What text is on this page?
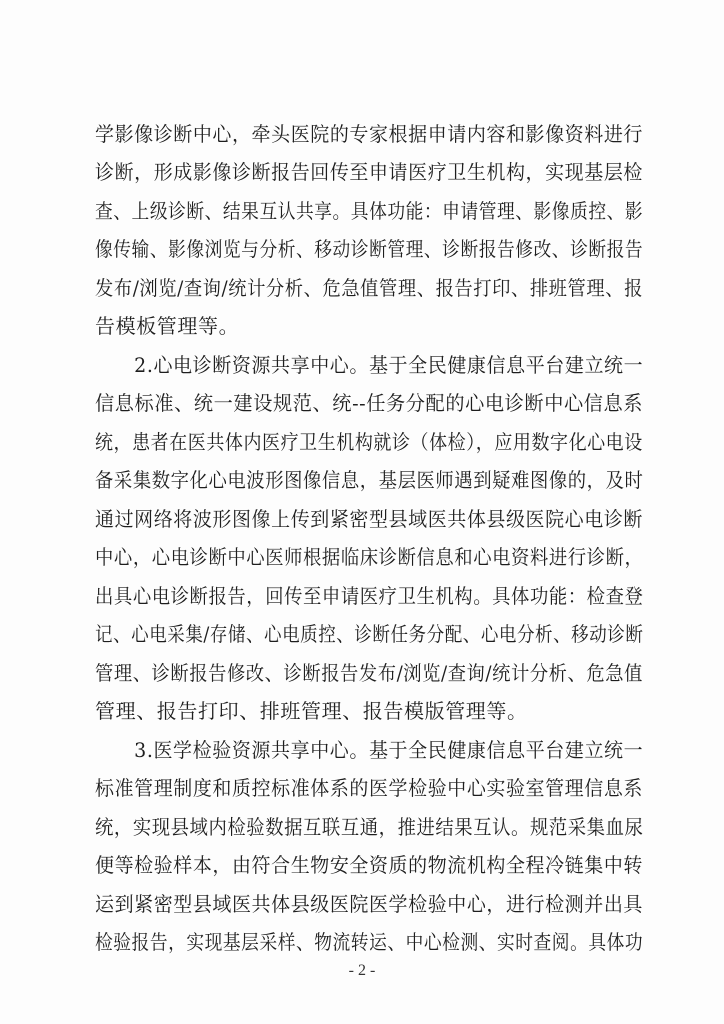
学影像诊断中心，牵头医院的专家根据申请内容和影像资料进行
诊断，形成影像诊断报告回传至申请医疗卫生机构，实现基层检
查、上级诊断、结果互认共享。具体功能：申请管理、影像质控、影
像传输、影像浏览与分析、移动诊断管理、诊断报告修改、诊断报告
发布/浏览/查询/统计分析、危急值管理、报告打印、排班管理、报
告模板管理等。
　　2.心电诊断资源共享中心。基于全民健康信息平台建立统一
信息标准、统一建设规范、统--任务分配的心电诊断中心信息系
统，患者在医共体内医疗卫生机构就诊（体检），应用数字化心电设
备采集数字化心电波形图像信息，基层医师遇到疑难图像的，及时
通过网络将波形图像上传到紧密型县域医共体县级医院心电诊断
中心，心电诊断中心医师根据临床诊断信息和心电资料进行诊断，
出具心电诊断报告，回传至申请医疗卫生机构。具体功能：检查登
记、心电采集/存储、心电质控、诊断任务分配、心电分析、移动诊断
管理、诊断报告修改、诊断报告发布/浏览/查询/统计分析、危急值
管理、报告打印、排班管理、报告模版管理等。
　　3.医学检验资源共享中心。基于全民健康信息平台建立统一
标准管理制度和质控标准体系的医学检验中心实验室管理信息系
统，实现县域内检验数据互联互通，推进结果互认。规范采集血尿
便等检验样本，由符合生物安全资质的物流机构全程冷链集中转
运到紧密型县域医共体县级医院医学检验中心，进行检测并出具
检验报告，实现基层采样、物流转运、中心检测、实时查阅。具体功
- 2 -
